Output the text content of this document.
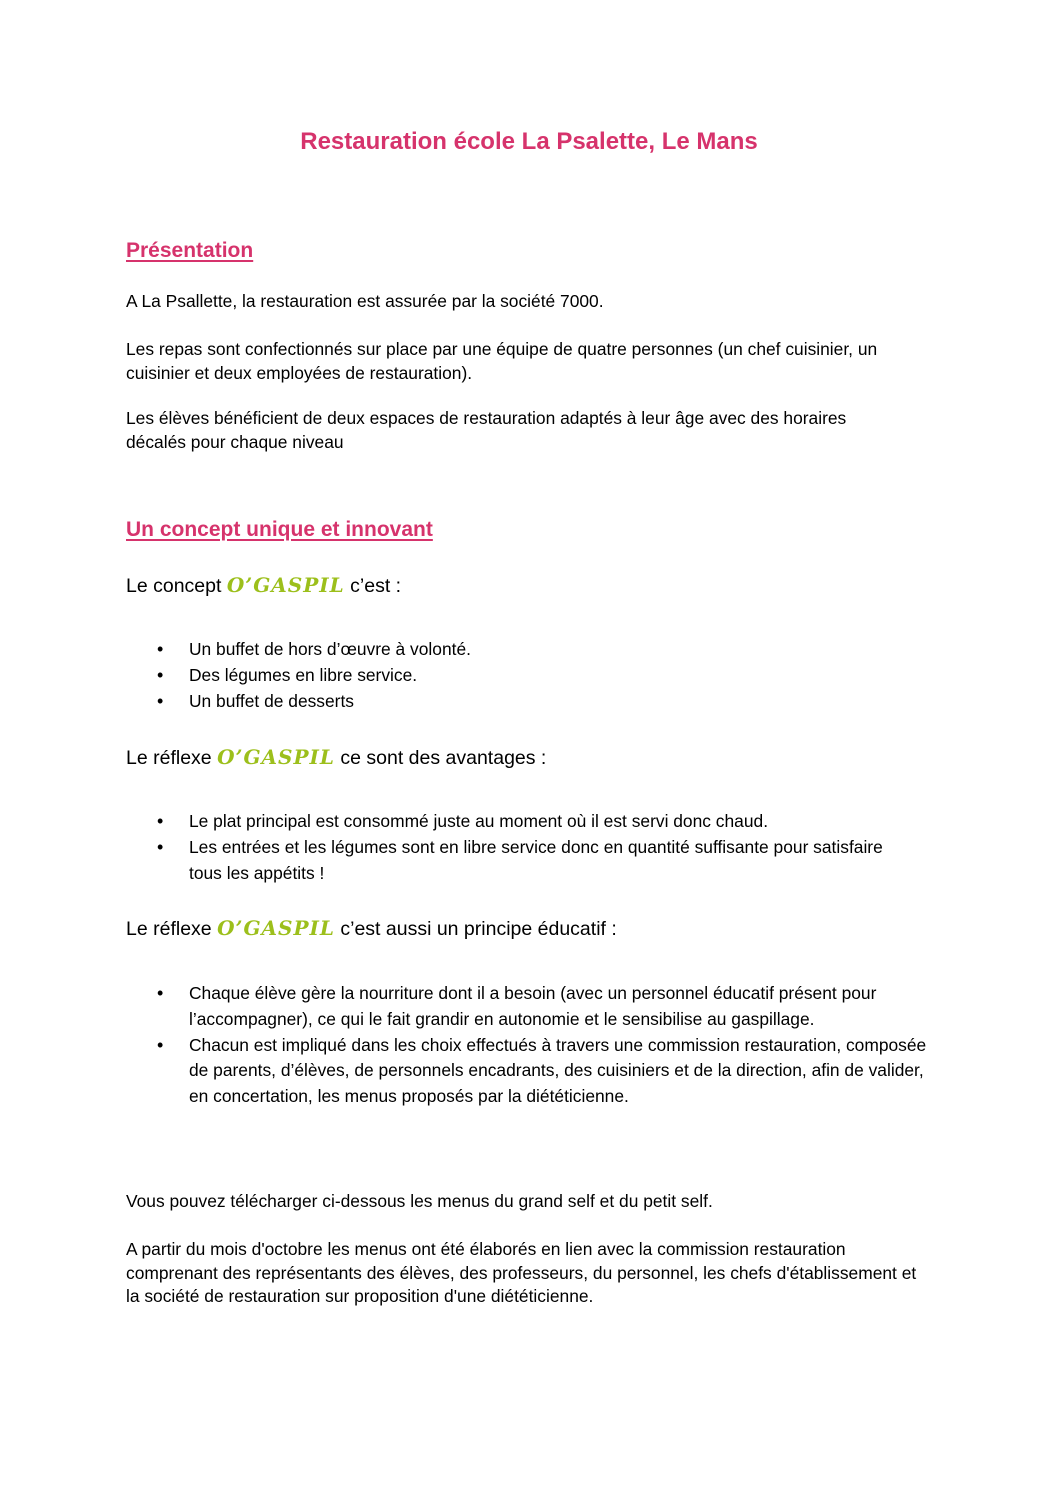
Restauration école La Psalette, Le Mans
Présentation
A La Psallette, la restauration est assurée par la société 7000.
Les repas sont confectionnés sur place par une équipe de quatre personnes (un chef cuisinier, un cuisinier et deux employées de restauration).
Les élèves bénéficient de deux espaces de restauration adaptés à leur âge avec des horaires décalés pour chaque niveau
Un concept unique et innovant
Le concept O’GASPIL c’est :
• Un buffet de hors d’œuvre à volonté.
• Des légumes en libre service.
• Un buffet de desserts
Le réflexe O’GASPIL ce sont des avantages :
• Le plat principal est consommé juste au moment où il est servi donc chaud.
• Les entrées et les légumes sont en libre service donc en quantité suffisante pour satisfaire tous les appétits !
Le réflexe O’GASPIL c’est aussi un principe éducatif :
• Chaque élève gère la nourriture dont il a besoin (avec un personnel éducatif présent pour l’accompagner), ce qui le fait grandir en autonomie et le sensibilise au gaspillage.
• Chacun est impliqué dans les choix effectués à travers une commission restauration, composée de parents, d’élèves, de personnels encadrants, des cuisiniers et de la direction, afin de valider, en concertation, les menus proposés par la diététicienne.
Vous pouvez télécharger ci-dessous les menus du grand self et du petit self.
A partir du mois d'octobre les menus ont été élaborés en lien avec la commission restauration comprenant des représentants des élèves, des professeurs, du personnel, les chefs d'établissement et la société de restauration sur proposition d'une diététicienne.
